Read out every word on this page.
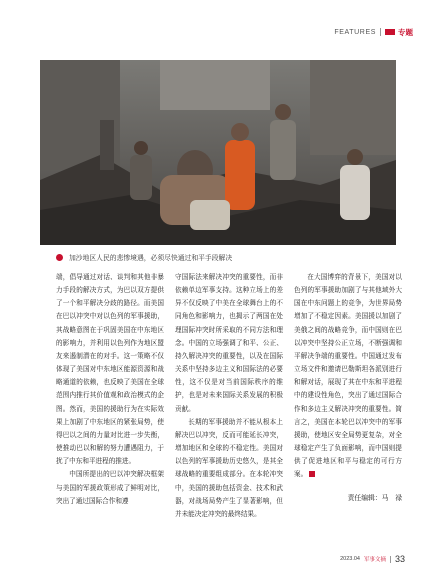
FEATURES	专题
加沙地区人民的悲惨境遇，必须尽快通过和平手段解决

端，倡导通过对话、谈判和其他非暴力手段的解决方式，为巴以双方提供了一个和平解决分歧的路径。而美国在巴以冲突中对以色列的军事援助，其战略意图在于巩固美国在中东地区的影响力，并利用以色列作为地区盟友来遏制潜在的对手。这一策略不仅体现了美国对中东地区能源资源和战略通道的依赖，也反映了美国在全球范围内推行其价值观和政治模式的企图。然而，美国的援助行为在实际效果上加剧了中东地区的紧张局势，使得巴以之间的力量对比进一步失衡，使推动巴以和解的努力遭遇阻力，于扰了中东和平进程的推进。

中国所提出的巴以冲突解决框架与美国的军援政策形成了鲜明对比，突出了通过国际合作和遵

守国际法来解决冲突的重要性，而非依赖单边军事支持。这种立场上的差异不仅反映了中美在全球舞台上的不同角色和影响力，也揭示了两国在处理国际冲突时所采取的不同方法和理念。中国的立场强调了和平、公正、持久解决冲突的重要性，以及在国际关系中坚持多边主义和国际法的必要性，这不仅是对当前国际秩序的维护，也是对未来国际关系发展的积极贡献。

长期的军事援助并不能从根本上解决巴以冲突，反而可能延长冲突，增加地区和全球的不稳定性。美国对以色列的军事援助历史悠久，是其全球战略的重要组成部分。在本轮冲突中，美国的援助包括资金、技术和武器，对战场局势产生了显著影响，但并未能决定冲突的最终结果。

在大国博弈的背景下，美国对以色列的军事援助加剧了与其他域外大国在中东问题上的竞争，为世界局势增加了不稳定因素。美国援以加剧了美俄之间的战略竞争，而中国则在巴以冲突中坚持公正立场，不断强调和平解决争端的重要性。中国通过发布立场文件和邀请巴勒斯坦各派别进行和解对话，展现了其在中东和平进程中的建设性角色，突出了通过国际合作和多边主义解决冲突的重要性。简言之，美国在本轮巴以冲突中的军事援助，使地区安全局势更复杂，对全球稳定产生了负面影响，而中国则提供了促进地区和平与稳定的可行方案。

责任编辑：马　禄
2023.04 军事文摘 33
